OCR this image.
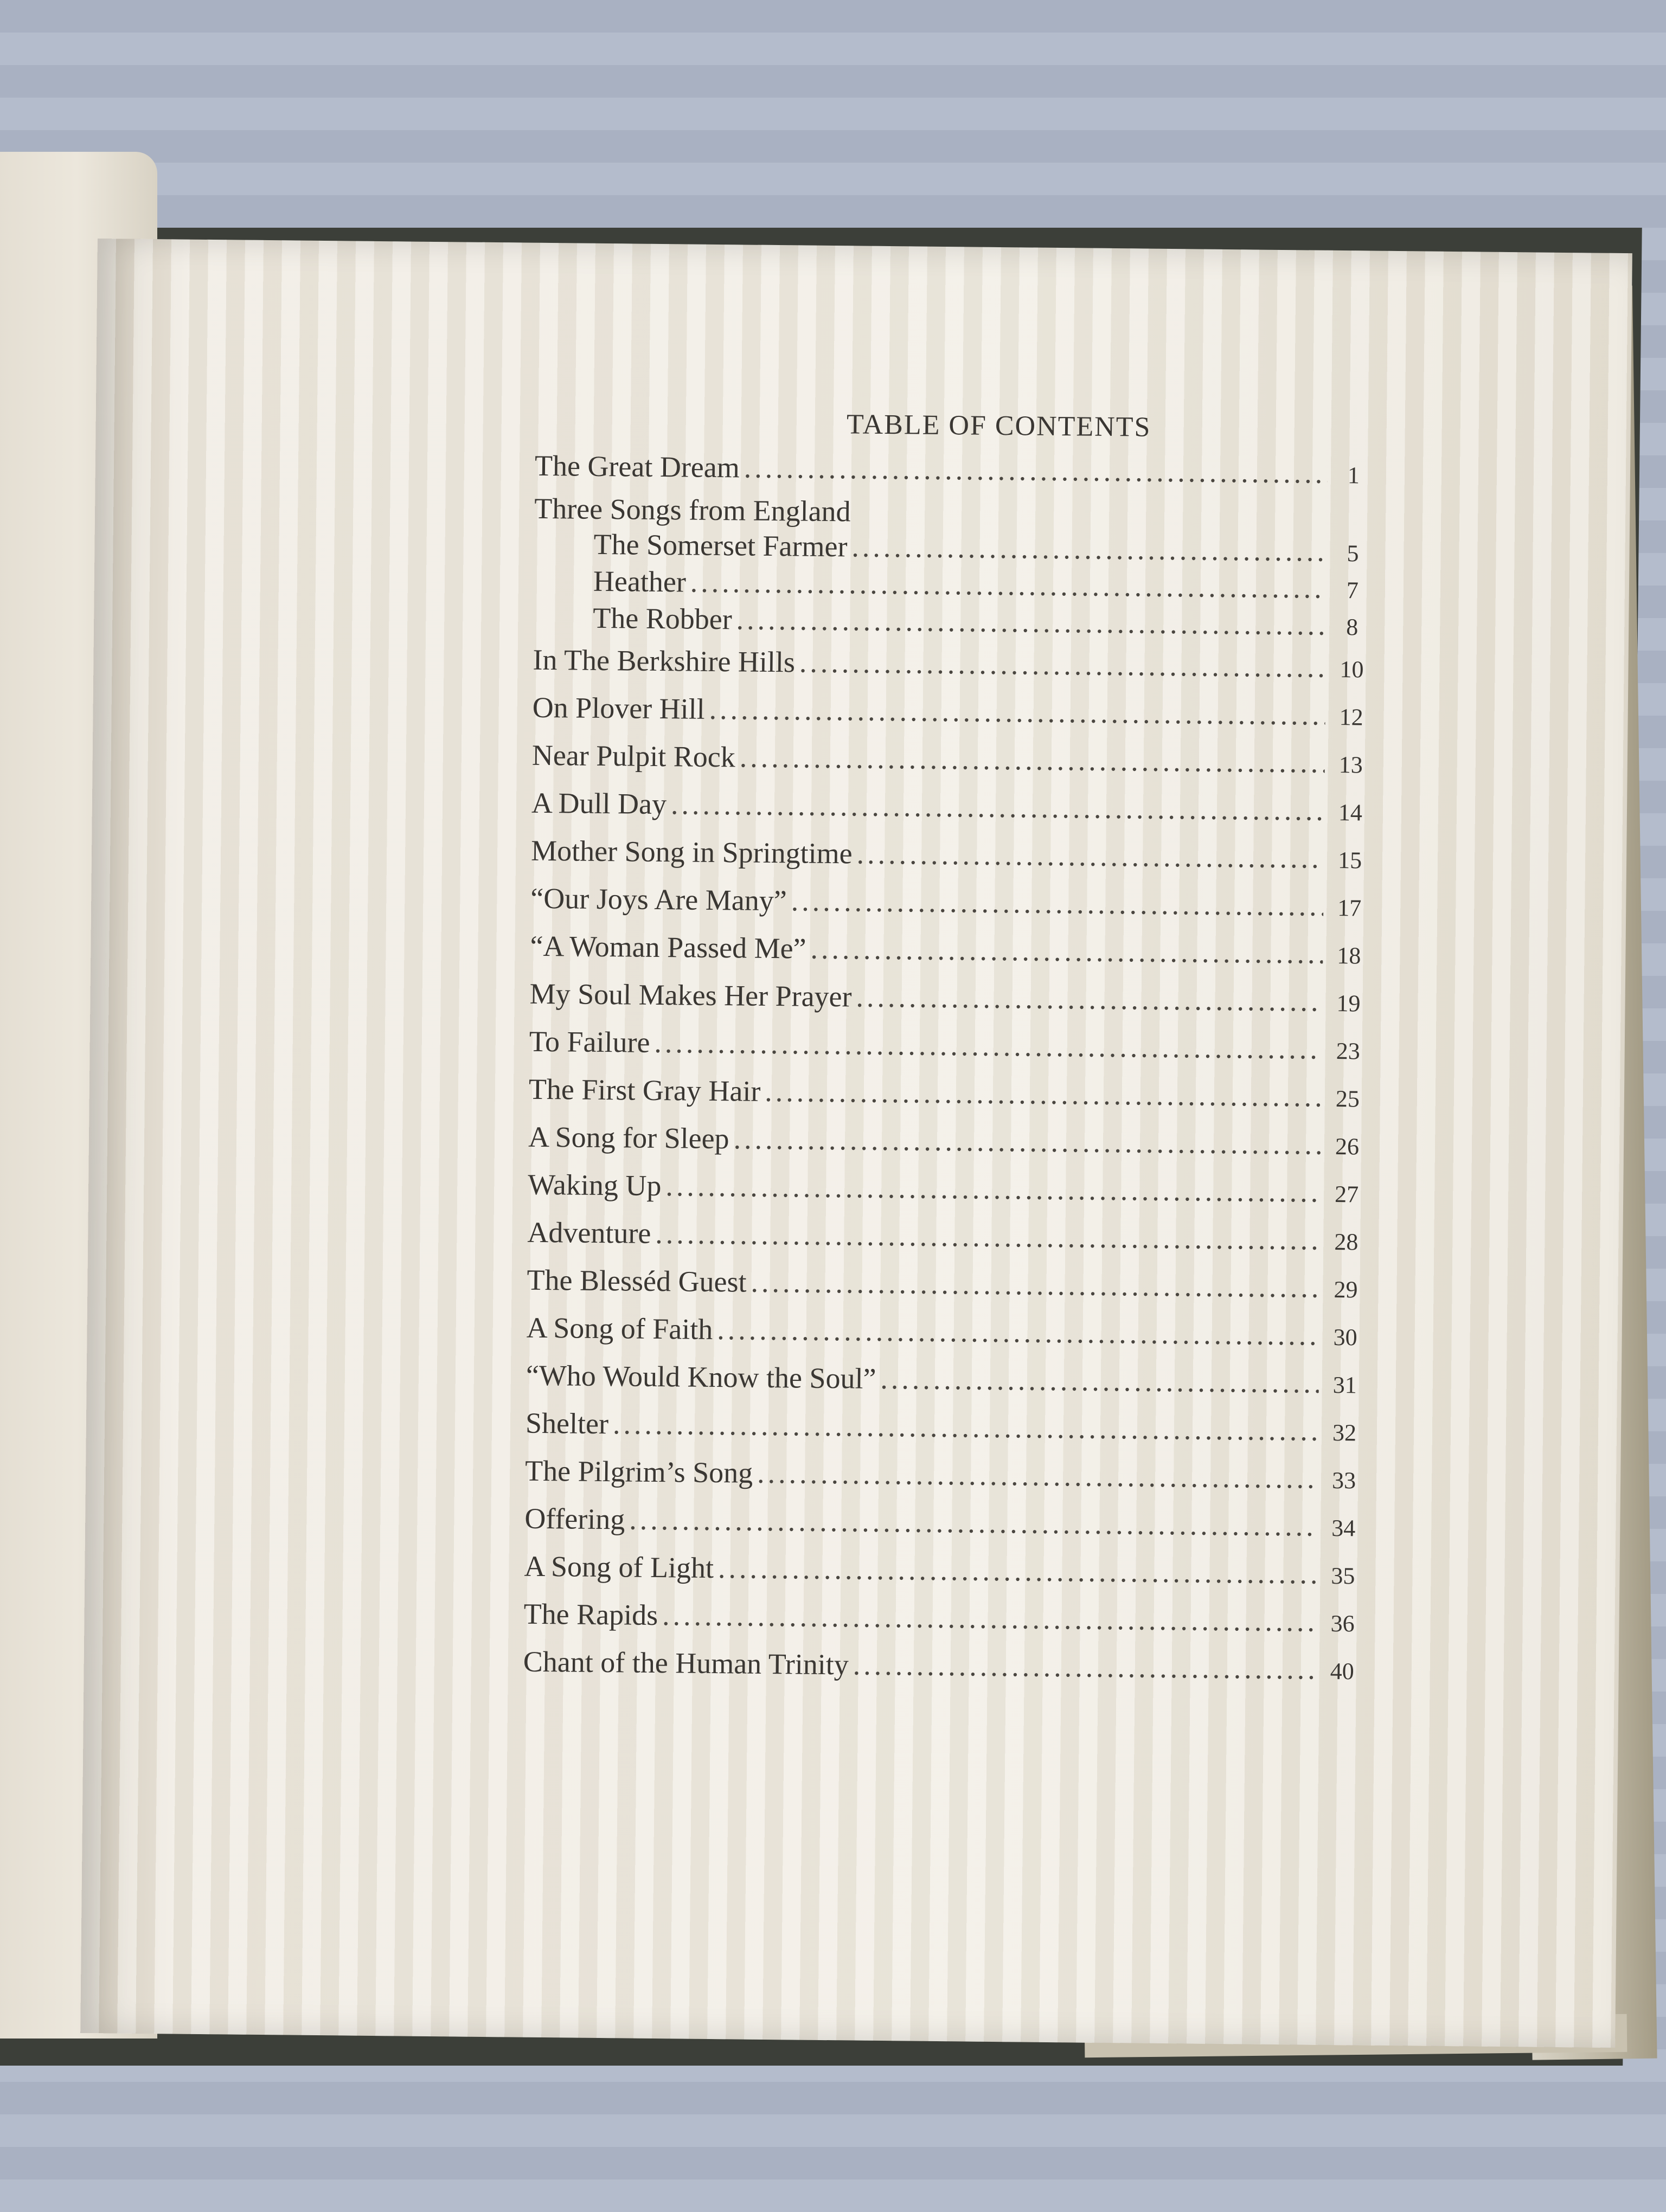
TABLE OF CONTENTS
The Great Dream .....	1
Three Songs from England
The Somerset Farmer .....	5
Heather .....	7
The Robber .....	8
In The Berkshire Hills .....	10
On Plover Hill .....	12
Near Pulpit Rock .....	13
A Dull Day .....	14
Mother Song in Springtime .....	15
“Our Joys Are Many” .....	17
“A Woman Passed Me” .....	18
My Soul Makes Her Prayer .....	19
To Failure .....	23
The First Gray Hair .....	25
A Song for Sleep .....	26
Waking Up .....	27
Adventure .....	28
The Blesséd Guest .....	29
A Song of Faith .....	30
“Who Would Know the Soul” .....	31
Shelter .....	32
The Pilgrim’s Song .....	33
Offering .....	34
A Song of Light .....	35
The Rapids .....	36
Chant of the Human Trinity .....	40
